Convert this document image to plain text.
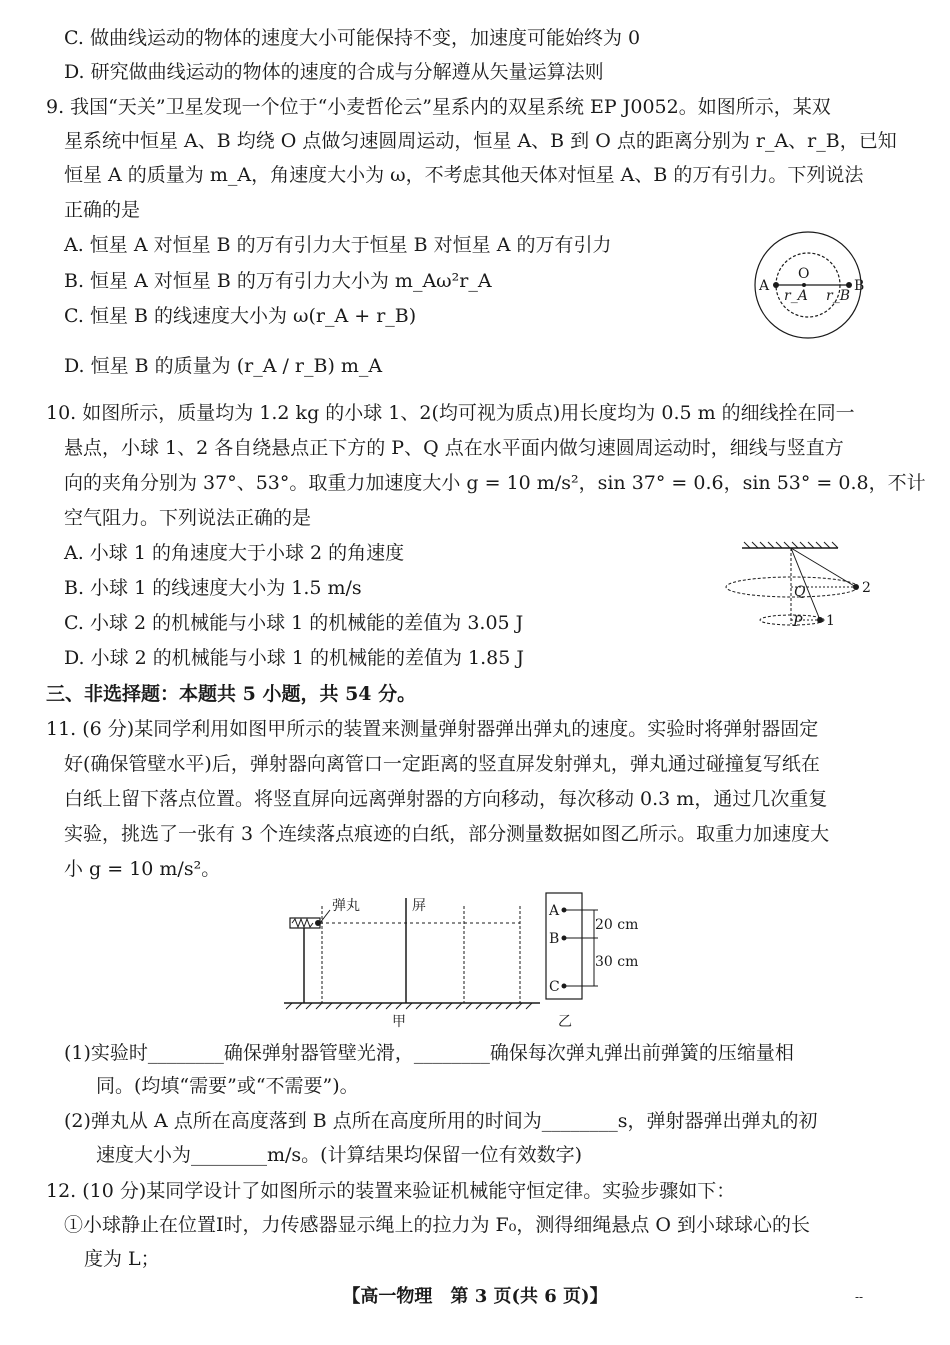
C. 做曲线运动的物体的速度大小可能保持不变，加速度可能始终为 0
D. 研究做曲线运动的物体的速度的合成与分解遵从矢量运算法则
9. 我国“天关”卫星发现一个位于“小麦哲伦云”星系内的双星系统 EP J0052。如图所示，某双
星系统中恒星 A、B 均绕 O 点做匀速圆周运动，恒星 A、B 到 O 点的距离分别为 r_A、r_B，已知
恒星 A 的质量为 m_A，角速度大小为 ω，不考虑其他天体对恒星 A、B 的万有引力。下列说法
正确的是
A. 恒星 A 对恒星 B 的万有引力大于恒星 B 对恒星 A 的万有引力
B. 恒星 A 对恒星 B 的万有引力大小为 m_Aω²r_A
C. 恒星 B 的线速度大小为 ω(r_A + r_B)
D. 恒星 B 的质量为 (r_A / r_B) m_A
A	B
O
r_A r_B
10. 如图所示，质量均为 1.2 kg 的小球 1、2(均可视为质点)用长度均为 0.5 m 的细线拴在同一
悬点，小球 1、2 各自绕悬点正下方的 P、Q 点在水平面内做匀速圆周运动时，细线与竖直方
向的夹角分别为 37°、53°。取重力加速度大小 g = 10 m/s²，sin 37° = 0.6，sin 53° = 0.8，不计
空气阻力。下列说法正确的是
A. 小球 1 的角速度大于小球 2 的角速度
B. 小球 1 的线速度大小为 1.5 m/s
C. 小球 2 的机械能与小球 1 的机械能的差值为 3.05 J
D. 小球 2 的机械能与小球 1 的机械能的差值为 1.85 J
Q
P
2
1
三、非选择题：本题共 5 小题，共 54 分。
11. (6 分)某同学利用如图甲所示的装置来测量弹射器弹出弹丸的速度。实验时将弹射器固定
好(确保管壁水平)后，弹射器向离管口一定距离的竖直屏发射弹丸，弹丸通过碰撞复写纸在
白纸上留下落点位置。将竖直屏向远离弹射器的方向移动，每次移动 0.3 m，通过几次重复
实验，挑选了一张有 3 个连续落点痕迹的白纸，部分测量数据如图乙所示。取重力加速度大
小 g = 10 m/s²。
弹丸	屏
甲
A
B
C
20 cm
30 cm
乙
(1)实验时________确保弹射器管壁光滑，________确保每次弹丸弹出前弹簧的压缩量相
同。(均填“需要”或“不需要”)。
(2)弹丸从 A 点所在高度落到 B 点所在高度所用的时间为________s，弹射器弹出弹丸的初
速度大小为________m/s。(计算结果均保留一位有效数字)
12. (10 分)某同学设计了如图所示的装置来验证机械能守恒定律。实验步骤如下：
①小球静止在位置Ⅰ时，力传感器显示绳上的拉力为 F₀，测得细绳悬点 O 到小球球心的长
度为 L；
【高一物理　第 3 页(共 6 页)】	--
